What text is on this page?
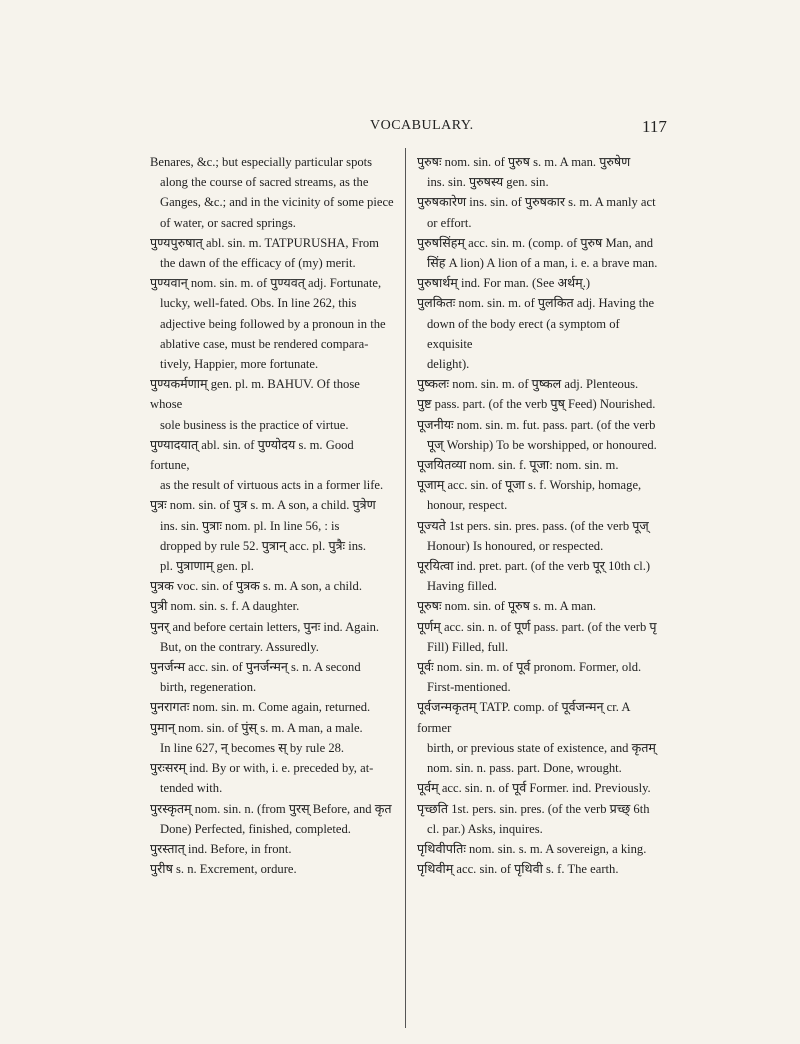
VOCABULARY.	117
Benares, &c.; but especially particular spots
along the course of sacred streams, as the
Ganges, &c.; and in the vicinity of some piece
of water, or sacred springs.
पुण्यपुरुषात् abl. sin. m. TATPURUSHA, From
the dawn of the efficacy of (my) merit.
पुण्यवान् nom. sin. m. of पुण्यवत् adj. Fortunate,
lucky, well-fated. Obs. In line 262, this
adjective being followed by a pronoun in the
ablative case, must be rendered compara-
tively, Happier, more fortunate.
पुण्यकर्मणाम् gen. pl. m. BAHUV. Of those whose
sole business is the practice of virtue.
पुण्यादयात् abl. sin. of पुण्योदय s. m. Good fortune,
as the result of virtuous acts in a former life.
पुत्रः nom. sin. of पुत्र s. m. A son, a child. पुत्रेण
ins. sin. पुत्राः nom. pl. In line 56, : is
dropped by rule 52. पुत्रान् acc. pl. पुत्रैः ins.
pl. पुत्राणाम् gen. pl.
पुत्रक voc. sin. of पुत्रक s. m. A son, a child.
पुत्री nom. sin. s. f. A daughter.
पुनर् and before certain letters, पुनः ind. Again.
But, on the contrary. Assuredly.
पुनर्जन्म acc. sin. of पुनर्जन्मन् s. n. A second
birth, regeneration.
पुनरागतः nom. sin. m. Come again, returned.
पुमान् nom. sin. of पुंस् s. m. A man, a male.
In line 627, न् becomes स् by rule 28.
पुरःसरम् ind. By or with, i. e. preceded by, at-
tended with.
पुरस्कृतम् nom. sin. n. (from पुरस् Before, and कृत
Done) Perfected, finished, completed.
पुरस्तात् ind. Before, in front.
पुरीष s. n. Excrement, ordure.
पुरुषः nom. sin. of पुरुष s. m. A man. पुरुषेण
ins. sin. पुरुषस्य gen. sin.
पुरुषकारेण ins. sin. of पुरुषकार s. m. A manly act
or effort.
पुरुषसिंहम् acc. sin. m. (comp. of पुरुष Man, and
सिंह A lion) A lion of a man, i. e. a brave man.
पुरुषार्थम् ind. For man. (See अर्थम्.)
पुलकितः nom. sin. m. of पुलकित adj. Having the
down of the body erect (a symptom of exquisite
delight).
पुष्कलः nom. sin. m. of पुष्कल adj. Plenteous.
पुष्ट pass. part. (of the verb पुष् Feed) Nourished.
पूजनीयः nom. sin. m. fut. pass. part. (of the verb
पूज् Worship) To be worshipped, or honoured.
पूजयितव्या nom. sin. f. पूजा: nom. sin. m.
पूजाम् acc. sin. of पूजा s. f. Worship, homage,
honour, respect.
पूज्यते 1st pers. sin. pres. pass. (of the verb पूज्
Honour) Is honoured, or respected.
पूरयित्वा ind. pret. part. (of the verb पूर् 10th cl.)
Having filled.
पूरुषः nom. sin. of पूरुष s. m. A man.
पूर्णम् acc. sin. n. of पूर्ण pass. part. (of the verb पृ
Fill) Filled, full.
पूर्वः nom. sin. m. of पूर्व pronom. Former, old.
First-mentioned.
पूर्वजन्मकृतम् TATP. comp. of पूर्वजन्मन् cr. A former
birth, or previous state of existence, and कृतम्
nom. sin. n. pass. part. Done, wrought.
पूर्वम् acc. sin. n. of पूर्व Former. ind. Previously.
पृच्छति 1st. pers. sin. pres. (of the verb प्रच्छ् 6th
cl. par.) Asks, inquires.
पृथिवीपतिः nom. sin. s. m. A sovereign, a king.
पृथिवीम् acc. sin. of पृथिवी s. f. The earth.
